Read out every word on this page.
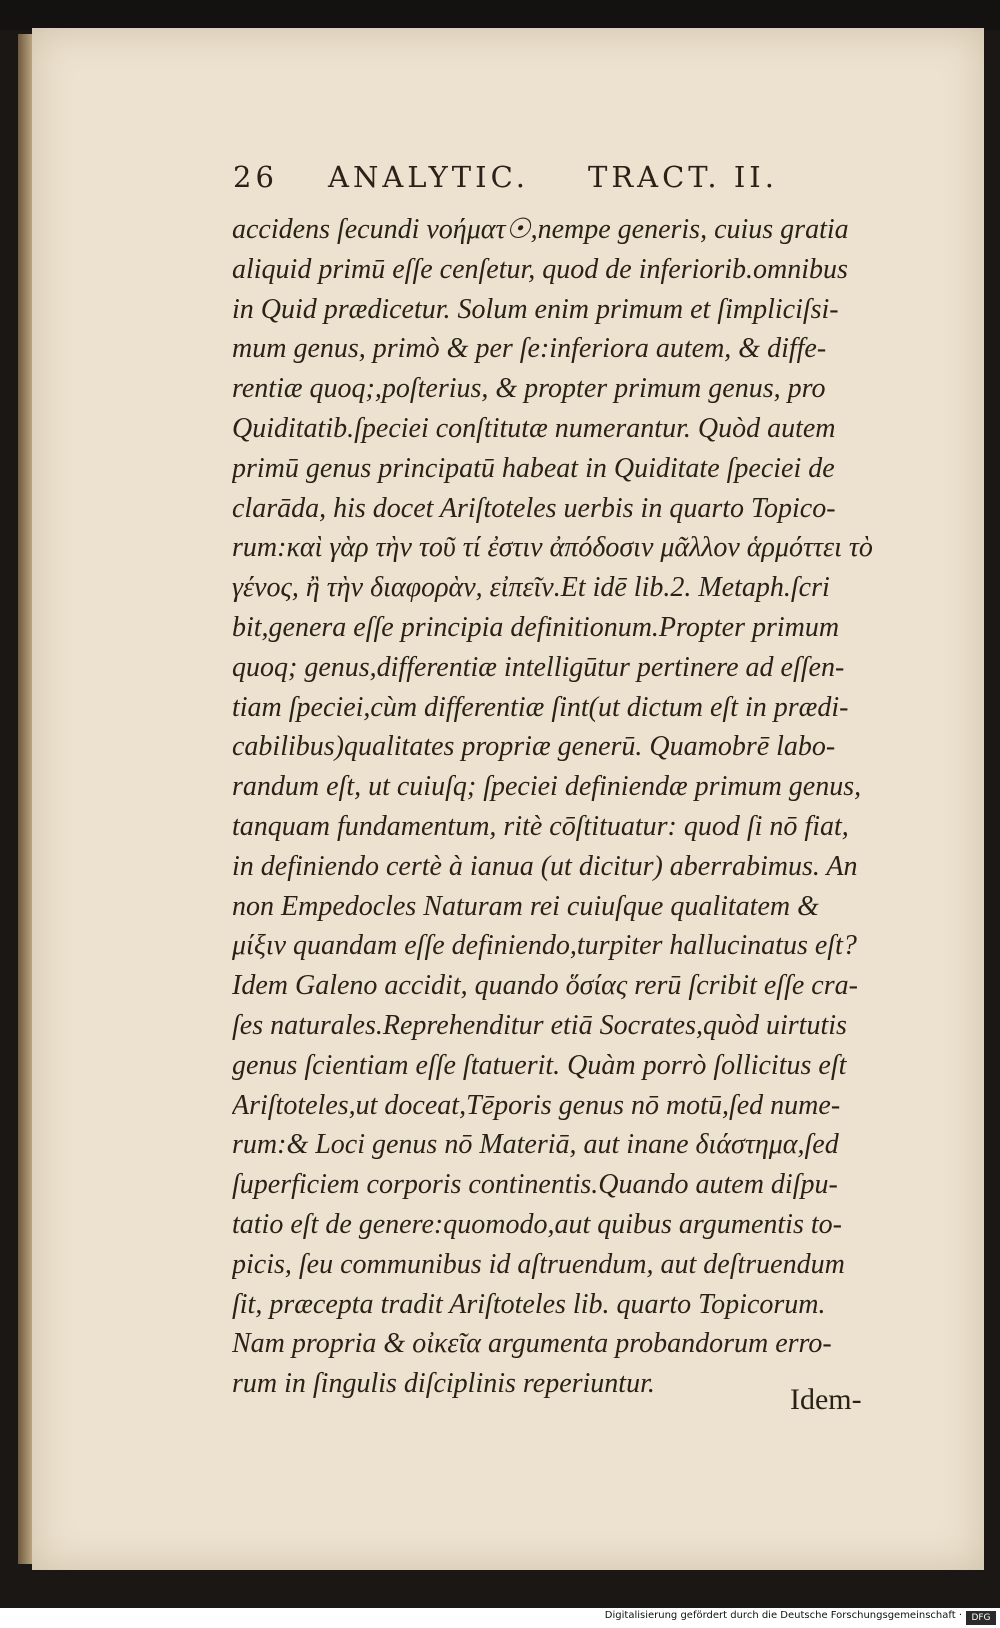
26 ANALYTIC. TRACT. II.
accidens ſecundi νοήματ☉,nempe generis, cuius gratia
aliquid primū eſſe cenſetur, quod de inferiorib.omnibus
in Quid prædicetur. Solum enim primum et ſimpliciſsi-
mum genus, primò & per ſe:inferiora autem, & diffe-
rentiæ quoq;,poſterius, & propter primum genus, pro
Quiditatib.ſpeciei conſtitutæ numerantur. Quòd autem
primū genus principatū habeat in Quiditate ſpeciei de
clarāda, his docet Ariſtoteles uerbis in quarto Topico-
rum:καὶ γὰρ τὴν τοῦ τί ἐστιν ἀπόδοσιν μᾶλλον ἁρμόττει τὸ
γένος, ἢ τὴν διαφορὰν, εἰπεῖν.Et idē lib.2. Metaph.ſcri
bit,genera eſſe principia definitionum.Propter primum
quoq; genus,differentiæ intelligūtur pertinere ad eſſen-
tiam ſpeciei,cùm differentiæ ſint(ut dictum eſt in prædi-
cabilibus)qualitates propriæ generū. Quamobrē labo-
randum eſt, ut cuiuſq; ſpeciei definiendæ primum genus,
tanquam fundamentum, ritè cōſtituatur: quod ſi nō fiat,
in definiendo certè à ianua (ut dicitur) aberrabimus. An
non Empedocles Naturam rei cuiuſque qualitatem &
μίξιν quandam eſſe definiendo,turpiter hallucinatus eſt?
Idem Galeno accidit, quando ὅσίας rerū ſcribit eſſe cra-
ſes naturales.Reprehenditur etiā Socrates,quòd uirtutis
genus ſcientiam eſſe ſtatuerit. Quàm porrò ſollicitus eſt
Ariſtoteles,ut doceat,Tēporis genus nō motū,ſed nume-
rum:& Loci genus nō Materiā, aut inane διάστημα,ſed
ſuperficiem corporis continentis.Quando autem diſpu-
tatio eſt de genere:quomodo,aut quibus argumentis to-
picis, ſeu communibus id aſtruendum, aut deſtruendum
ſit, præcepta tradit Ariſtoteles lib. quarto Topicorum.
Nam propria & οἰκεῖα argumenta probandorum erro-
rum in ſingulis diſciplinis reperiuntur.	Idem-
Digitalisierung gefördert durch die Deutsche Forschungsgemeinschaft ·	DFG
